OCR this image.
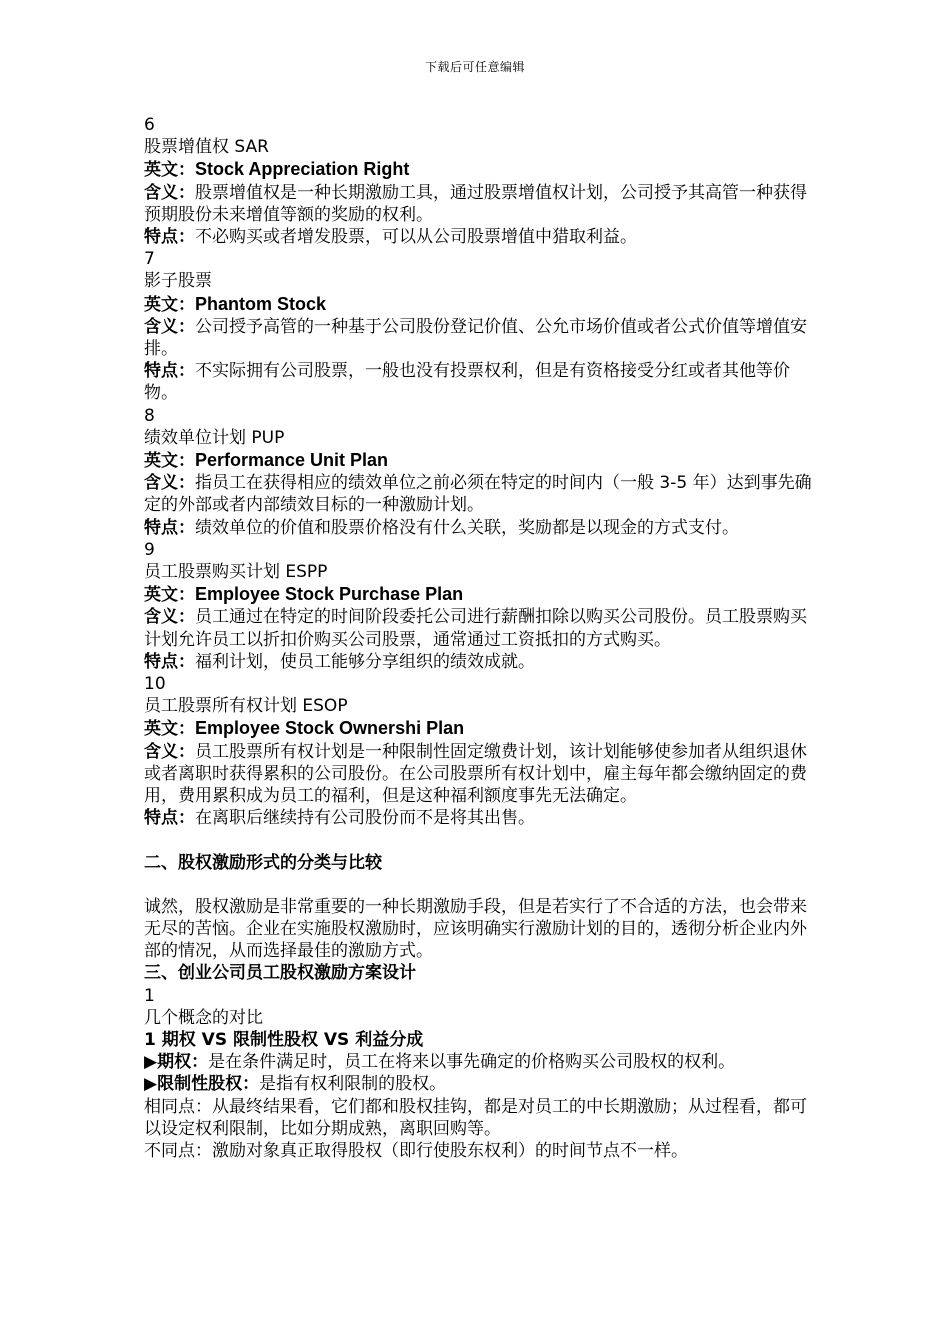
下载后可任意编辑

6

股票增值权 SAR

英文：Stock Appreciation Right

含义：股票增值权是一种长期激励工具，通过股票增值权计划，公司授予其高管一种获得预期股份未来增值等额的奖励的权利。

特点：不必购买或者增发股票，可以从公司股票增值中猎取利益。

7

影子股票

英文：Phantom Stock

含义：公司授予高管的一种基于公司股份登记价值、公允市场价值或者公式价值等增值安排。

特点：不实际拥有公司股票，一般也没有投票权利，但是有资格接受分红或者其他等价物。

8

绩效单位计划 PUP

英文：Performance Unit Plan

含义：指员工在获得相应的绩效单位之前必须在特定的时间内（一般 3-5 年）达到事先确定的外部或者内部绩效目标的一种激励计划。

特点：绩效单位的价值和股票价格没有什么关联，奖励都是以现金的方式支付。

9

员工股票购买计划 ESPP

英文：Employee Stock Purchase Plan

含义：员工通过在特定的时间阶段委托公司进行薪酬扣除以购买公司股份。员工股票购买计划允许员工以折扣价购买公司股票，通常通过工资抵扣的方式购买。

特点：福利计划，使员工能够分享组织的绩效成就。

10

员工股票所有权计划 ESOP

英文：Employee Stock Ownershi Plan

含义：员工股票所有权计划是一种限制性固定缴费计划，该计划能够使参加者从组织退休或者离职时获得累积的公司股份。在公司股票所有权计划中，雇主每年都会缴纳固定的费用，费用累积成为员工的福利，但是这种福利额度事先无法确定。

特点：在离职后继续持有公司股份而不是将其出售。

二、股权激励形式的分类与比较

诚然，股权激励是非常重要的一种长期激励手段，但是若实行了不合适的方法，也会带来无尽的苦恼。企业在实施股权激励时，应该明确实行激励计划的目的，透彻分析企业内外部的情况，从而选择最佳的激励方式。

三、创业公司员工股权激励方案设计

1

几个概念的对比

1 期权 VS 限制性股权 VS 利益分成

▶期权：是在条件满足时，员工在将来以事先确定的价格购买公司股权的权利。

▶限制性股权：是指有权利限制的股权。

相同点：从最终结果看，它们都和股权挂钩，都是对员工的中长期激励；从过程看，都可以设定权利限制，比如分期成熟，离职回购等。

不同点：激励对象真正取得股权（即行使股东权利）的时间节点不一样。
